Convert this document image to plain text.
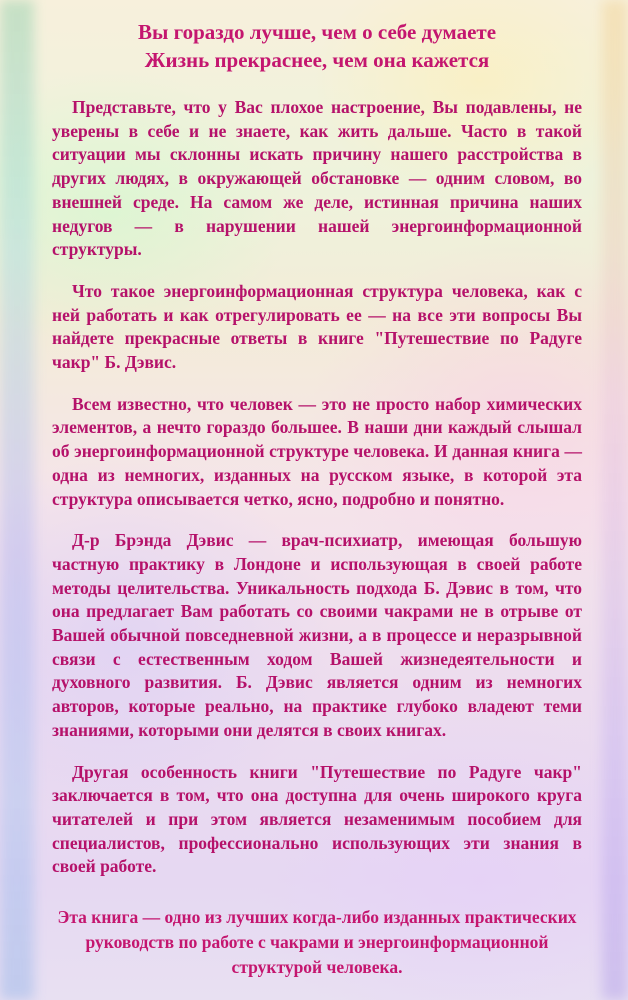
Вы гораздо лучше, чем о себе думаете
Жизнь прекраснее, чем она кажется

Представьте, что у Вас плохое настроение, Вы подавлены, не уверены в себе и не знаете, как жить дальше. Часто в такой ситуации мы склонны искать причину нашего расстройства в других людях, в окружающей обстановке — одним словом, во внешней среде. На самом же деле, истинная причина наших недугов — в нарушении нашей энергоинформационной структуры.

Что такое энергоинформационная структура человека, как с ней работать и как отрегулировать ее — на все эти вопросы Вы найдете прекрасные ответы в книге "Путешествие по Радуге чакр" Б. Дэвис.

Всем известно, что человек — это не просто набор химических элементов, а нечто гораздо большее. В наши дни каждый слышал об энергоинформационной структуре человека. И данная книга — одна из немногих, изданных на русском языке, в которой эта структура описывается четко, ясно, подробно и понятно.

Д-р Брэнда Дэвис — врач-психиатр, имеющая большую частную практику в Лондоне и использующая в своей работе методы целительства. Уникальность подхода Б. Дэвис в том, что она предлагает Вам работать со своими чакрами не в отрыве от Вашей обычной повседневной жизни, а в процессе и неразрывной связи с естественным ходом Вашей жизнедеятельности и духовного развития. Б. Дэвис является одним из немногих авторов, которые реально, на практике глубоко владеют теми знаниями, которыми они делятся в своих книгах.

Другая особенность книги "Путешествие по Радуге чакр" заключается в том, что она доступна для очень широкого круга читателей и при этом является незаменимым пособием для специалистов, профессионально использующих эти знания в своей работе.

Эта книга — одно из лучших когда-либо изданных практических руководств по работе с чакрами и энергоинформационной структурой человека.
